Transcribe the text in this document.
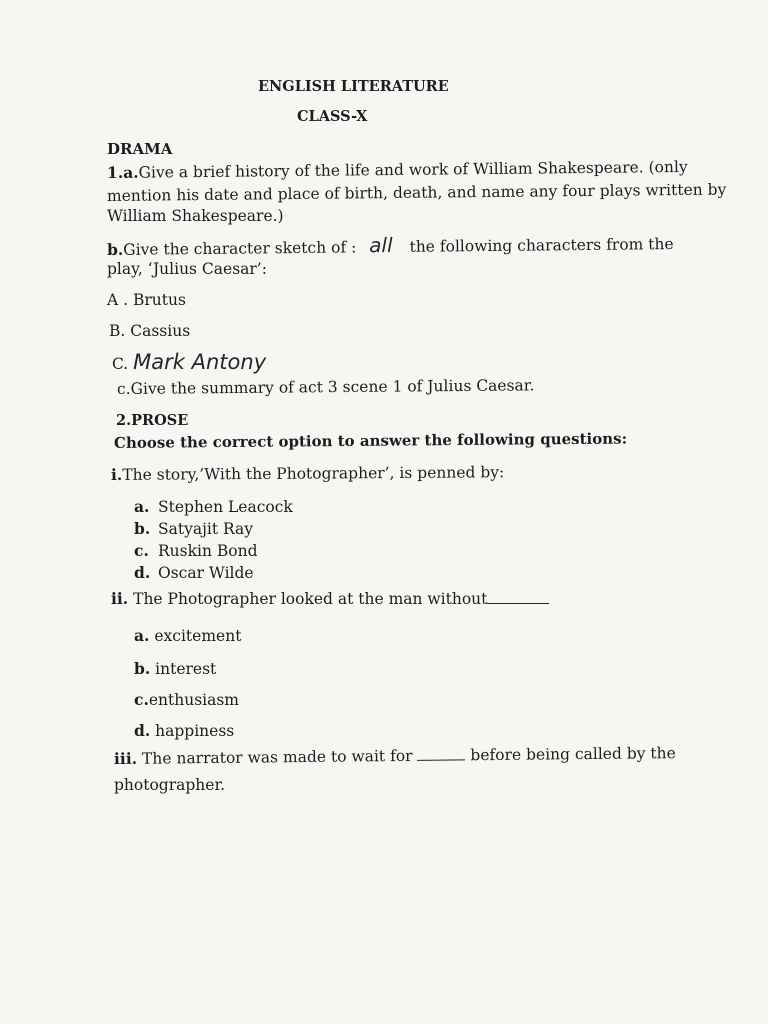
ENGLISH LITERATURE
CLASS-X
DRAMA
1.a.Give a brief history of the life and work of William Shakespeare. (only
mention his date and place of birth, death, and name any four plays written by
William Shakespeare.)
b.Give the character sketch of : all the following characters from the
play, ‘Julius Caesar’:
A . Brutus
B. Cassius
C. Mark Antony
c.Give the summary of act 3 scene 1 of Julius Caesar.
2.PROSE
Choose the correct option to answer the following questions:
i.The story,’With the Photographer’, is penned by:
a. Stephen Leacock
b. Satyajit Ray
c. Ruskin Bond
d. Oscar Wilde
ii. The Photographer looked at the man without
a. excitement
b. interest
c.enthusiasm
d. happiness
iii. The narrator was made to wait for	before being called by the
photographer.
